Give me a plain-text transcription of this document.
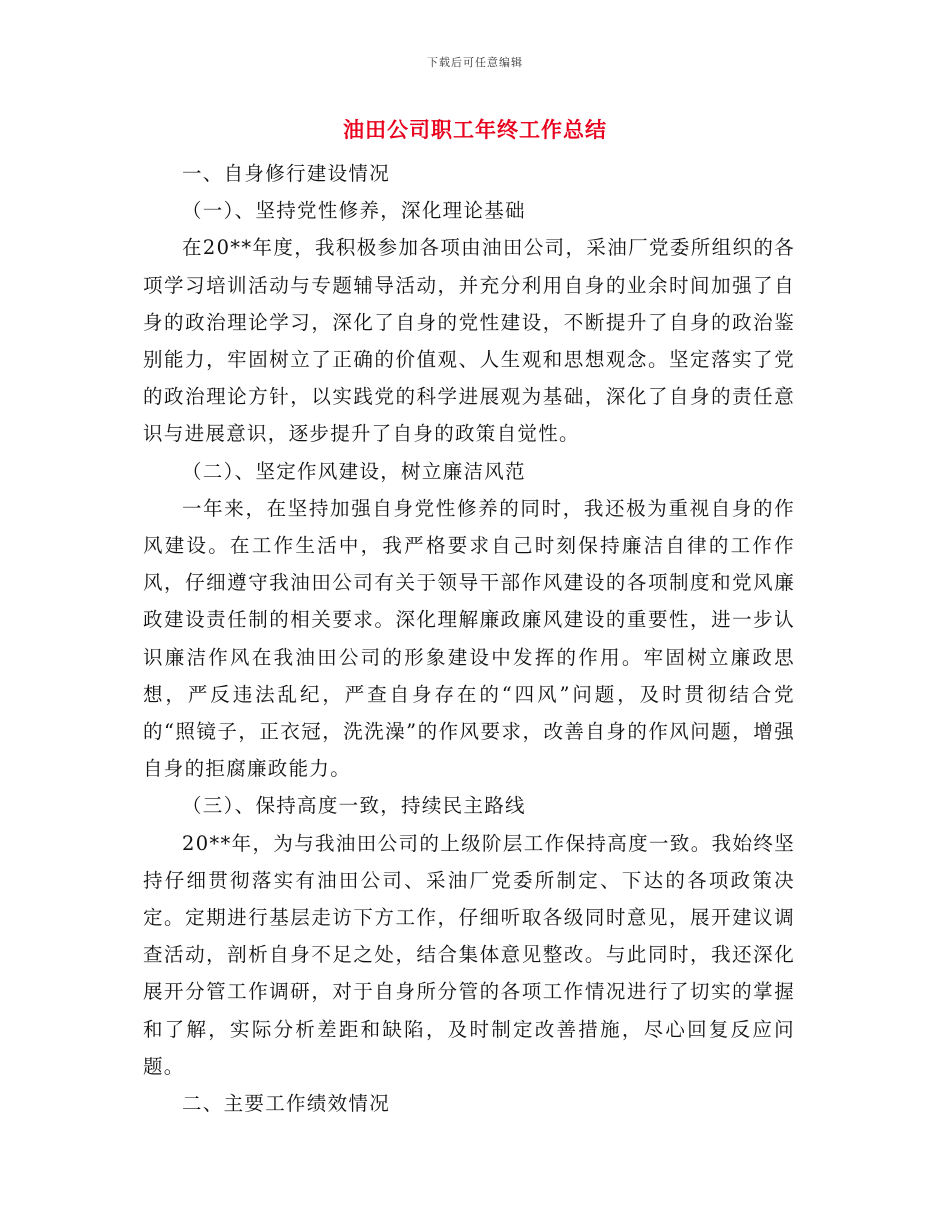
下载后可任意编辑
油田公司职工年终工作总结

一、自身修行建设情况

（一）、坚持党性修养，深化理论基础

在20**年度，我积极参加各项由油田公司，采油厂党委所组织的各项学习培训活动与专题辅导活动，并充分利用自身的业余时间加强了自身的政治理论学习，深化了自身的党性建设，不断提升了自身的政治鉴别能力，牢固树立了正确的价值观、人生观和思想观念。坚定落实了党的政治理论方针，以实践党的科学进展观为基础，深化了自身的责任意识与进展意识，逐步提升了自身的政策自觉性。

（二）、坚定作风建设，树立廉洁风范

一年来，在坚持加强自身党性修养的同时，我还极为重视自身的作风建设。在工作生活中，我严格要求自己时刻保持廉洁自律的工作作风，仔细遵守我油田公司有关于领导干部作风建设的各项制度和党风廉政建设责任制的相关要求。深化理解廉政廉风建设的重要性，进一步认识廉洁作风在我油田公司的形象建设中发挥的作用。牢固树立廉政思想，严反违法乱纪，严查自身存在的“四风”问题，及时贯彻结合党的“照镜子，正衣冠，洗洗澡”的作风要求，改善自身的作风问题，增强自身的拒腐廉政能力。

（三）、保持高度一致，持续民主路线

20**年，为与我油田公司的上级阶层工作保持高度一致。我始终坚持仔细贯彻落实有油田公司、采油厂党委所制定、下达的各项政策决定。定期进行基层走访下方工作，仔细听取各级同时意见，展开建议调查活动，剖析自身不足之处，结合集体意见整改。与此同时，我还深化展开分管工作调研，对于自身所分管的各项工作情况进行了切实的掌握和了解，实际分析差距和缺陷，及时制定改善措施，尽心回复反应问题。

二、主要工作绩效情况
